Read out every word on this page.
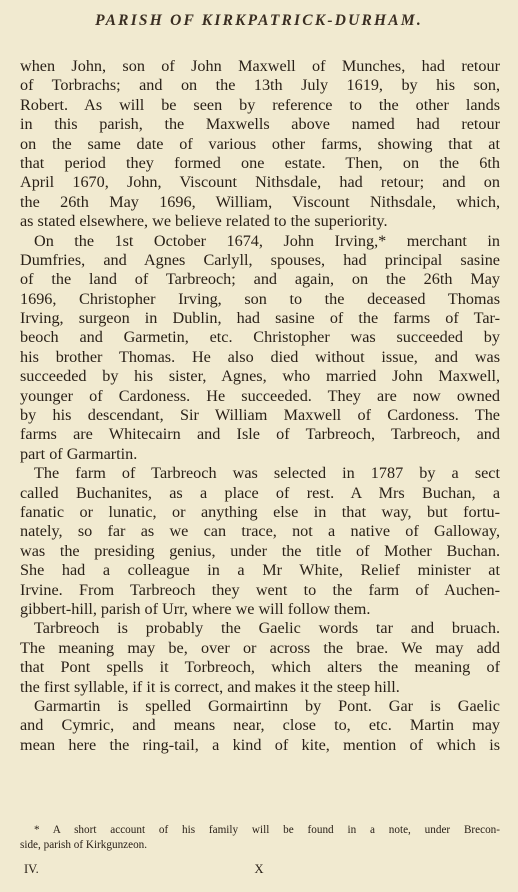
PARISH OF KIRKPATRICK-DURHAM.
when John, son of John Maxwell of Munches, had retour
of Torbrachs; and on the 13th July 1619, by his son,
Robert. As will be seen by reference to the other lands
in this parish, the Maxwells above named had retour
on the same date of various other farms, showing that at
that period they formed one estate. Then, on the 6th
April 1670, John, Viscount Nithsdale, had retour; and on
the 26th May 1696, William, Viscount Nithsdale, which,
as stated elsewhere, we believe related to the superiority.
On the 1st October 1674, John Irving,* merchant in
Dumfries, and Agnes Carlyll, spouses, had principal sasine
of the land of Tarbreoch; and again, on the 26th May
1696, Christopher Irving, son to the deceased Thomas
Irving, surgeon in Dublin, had sasine of the farms of Tar-
beoch and Garmetin, etc. Christopher was succeeded by
his brother Thomas. He also died without issue, and was
succeeded by his sister, Agnes, who married John Maxwell,
younger of Cardoness. He succeeded. They are now owned
by his descendant, Sir William Maxwell of Cardoness. The
farms are Whitecairn and Isle of Tarbreoch, Tarbreoch, and
part of Garmartin.
The farm of Tarbreoch was selected in 1787 by a sect
called Buchanites, as a place of rest. A Mrs Buchan, a
fanatic or lunatic, or anything else in that way, but fortu-
nately, so far as we can trace, not a native of Galloway,
was the presiding genius, under the title of Mother Buchan.
She had a colleague in a Mr White, Relief minister at
Irvine. From Tarbreoch they went to the farm of Auchen-
gibbert-hill, parish of Urr, where we will follow them.
Tarbreoch is probably the Gaelic words tar and bruach.
The meaning may be, over or across the brae. We may add
that Pont spells it Torbreoch, which alters the meaning of
the first syllable, if it is correct, and makes it the steep hill.
Garmartin is spelled Gormairtinn by Pont. Gar is Gaelic
and Cymric, and means near, close to, etc. Martin may
mean here the ring-tail, a kind of kite, mention of which is
* A short account of his family will be found in a note, under Brecon-
side, parish of Kirkgunzeon.
IV.	X
